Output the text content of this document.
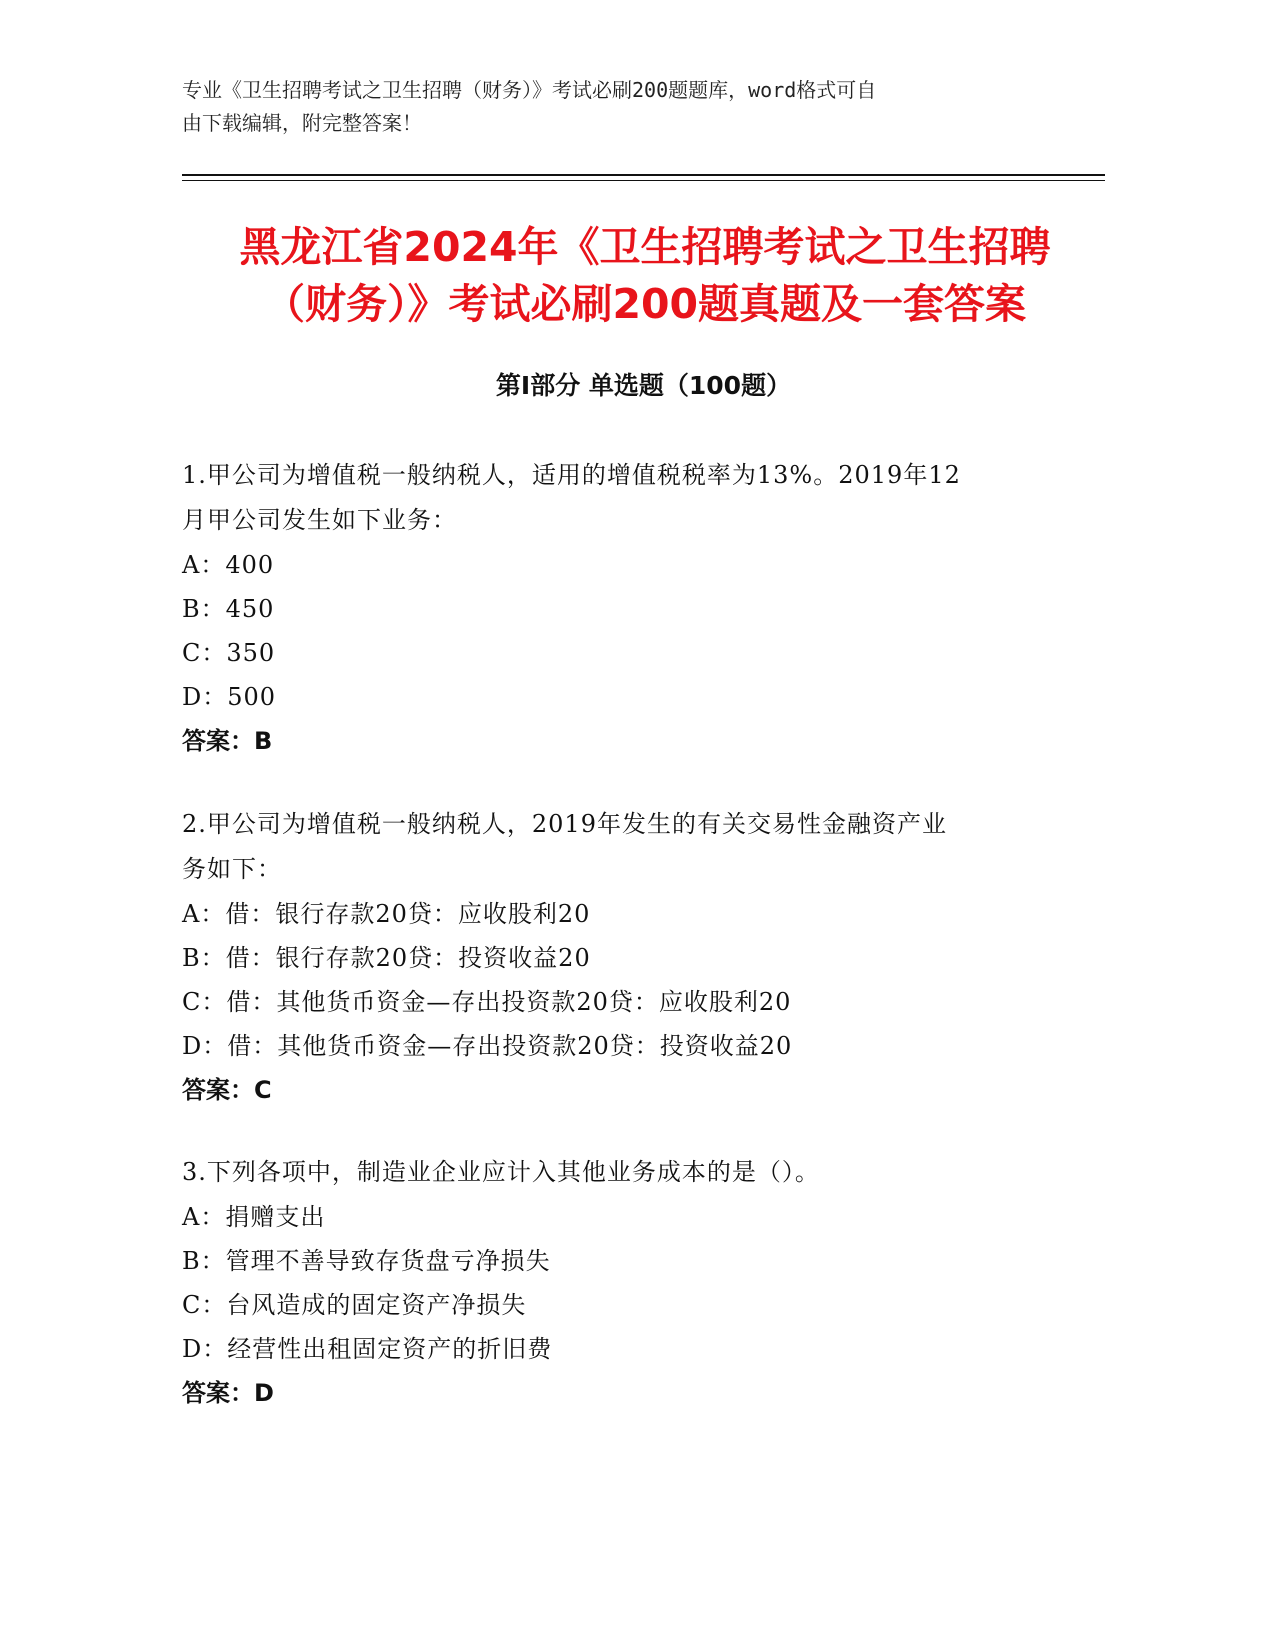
专业《卫生招聘考试之卫生招聘（财务）》考试必刷200题题库，word格式可自
由下载编辑，附完整答案！
黑龙江省2024年《卫生招聘考试之卫生招聘
（财务）》考试必刷200题真题及一套答案
第Ⅰ部分 单选题（100题）
1.甲公司为增值税一般纳税人，适用的增值税税率为13%。2019年12
月甲公司发生如下业务：
A：400
B：450
C：350
D：500
答案：B
2.甲公司为增值税一般纳税人，2019年发生的有关交易性金融资产业
务如下：
A：借：银行存款20贷：应收股利20
B：借：银行存款20贷：投资收益20
C：借：其他货币资金—存出投资款20贷：应收股利20
D：借：其他货币资金—存出投资款20贷：投资收益20
答案：C
3.下列各项中，制造业企业应计入其他业务成本的是（）。
A：捐赠支出
B：管理不善导致存货盘亏净损失
C：台风造成的固定资产净损失
D：经营性出租固定资产的折旧费
答案：D
